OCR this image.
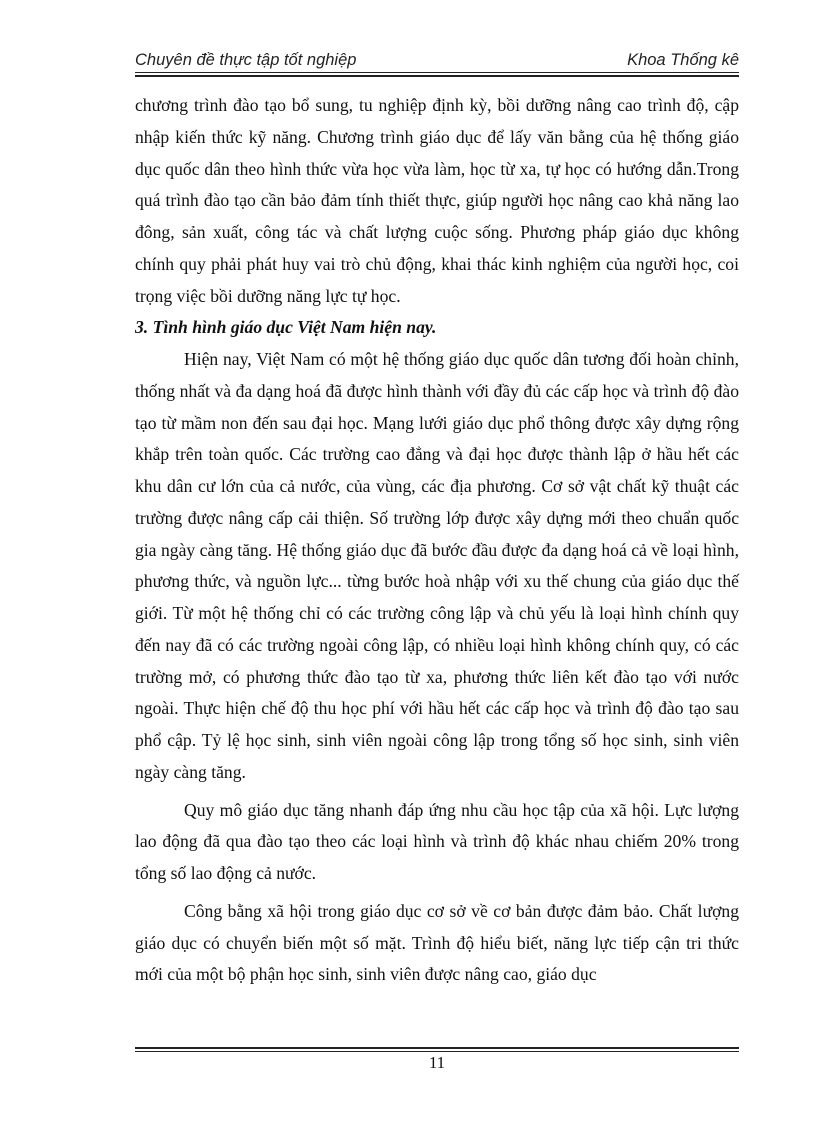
Chuyên đề thực tập tốt nghiệp	Khoa Thống kê

chương trình đào tạo bổ sung, tu nghiệp định kỳ, bồi dưỡng nâng cao trình độ, cập nhập kiến thức kỹ năng. Chương trình giáo dục để lấy văn bằng của hệ thống giáo dục quốc dân theo hình thức vừa học vừa làm, học từ xa, tự học có hướng dẫn.Trong quá trình đào tạo cần bảo đảm tính thiết thực, giúp người học nâng cao khả năng lao đông, sản xuất, công tác và chất lượng cuộc sống. Phương pháp giáo dục không chính quy phải phát huy vai trò chủ động, khai thác kinh nghiệm của người học, coi trọng việc bồi dưỡng năng lực tự học.

3. Tình hình giáo dục Việt Nam hiện nay.

Hiện nay, Việt Nam có một hệ thống giáo dục quốc dân tương đối hoàn chỉnh, thống nhất và đa dạng hoá đã được hình thành với đầy đủ các cấp học và trình độ đào tạo từ mầm non đến sau đại học. Mạng lưới giáo dục phổ thông được xây dựng rộng khắp trên toàn quốc. Các trường cao đẳng và đại học được thành lập ở hầu hết các khu dân cư lớn của cả nước, của vùng, các địa phương. Cơ sở vật chất kỹ thuật các trường được nâng cấp cải thiện. Số trường lớp được xây dựng mới theo chuẩn quốc gia ngày càng tăng. Hệ thống giáo dục đã bước đầu được đa dạng hoá cả về loại hình, phương thức, và nguồn lực... từng bước hoà nhập với xu thế chung của giáo dục thế giới. Từ một hệ thống chỉ có các trường công lập và chủ yếu là loại hình chính quy đến nay đã có các trường ngoài công lập, có nhiều loại hình không chính quy, có các trường mở, có phương thức đào tạo từ xa, phương thức liên kết đào tạo với nước ngoài. Thực hiện chế độ thu học phí với hầu hết các cấp học và trình độ đào tạo sau phổ cập. Tỷ lệ học sinh, sinh viên ngoài công lập trong tổng số học sinh, sinh viên ngày càng tăng.

Quy mô giáo dục tăng nhanh đáp ứng nhu cầu học tập của xã hội. Lực lượng lao động đã qua đào tạo theo các loại hình và trình độ khác nhau chiếm 20% trong tổng số lao động cả nước.

Công bằng xã hội trong giáo dục cơ sở về cơ bản được đảm bảo. Chất lượng giáo dục có chuyển biến một số mặt. Trình độ hiểu biết, năng lực tiếp cận tri thức mới của một bộ phận học sinh, sinh viên được nâng cao, giáo dục

11
